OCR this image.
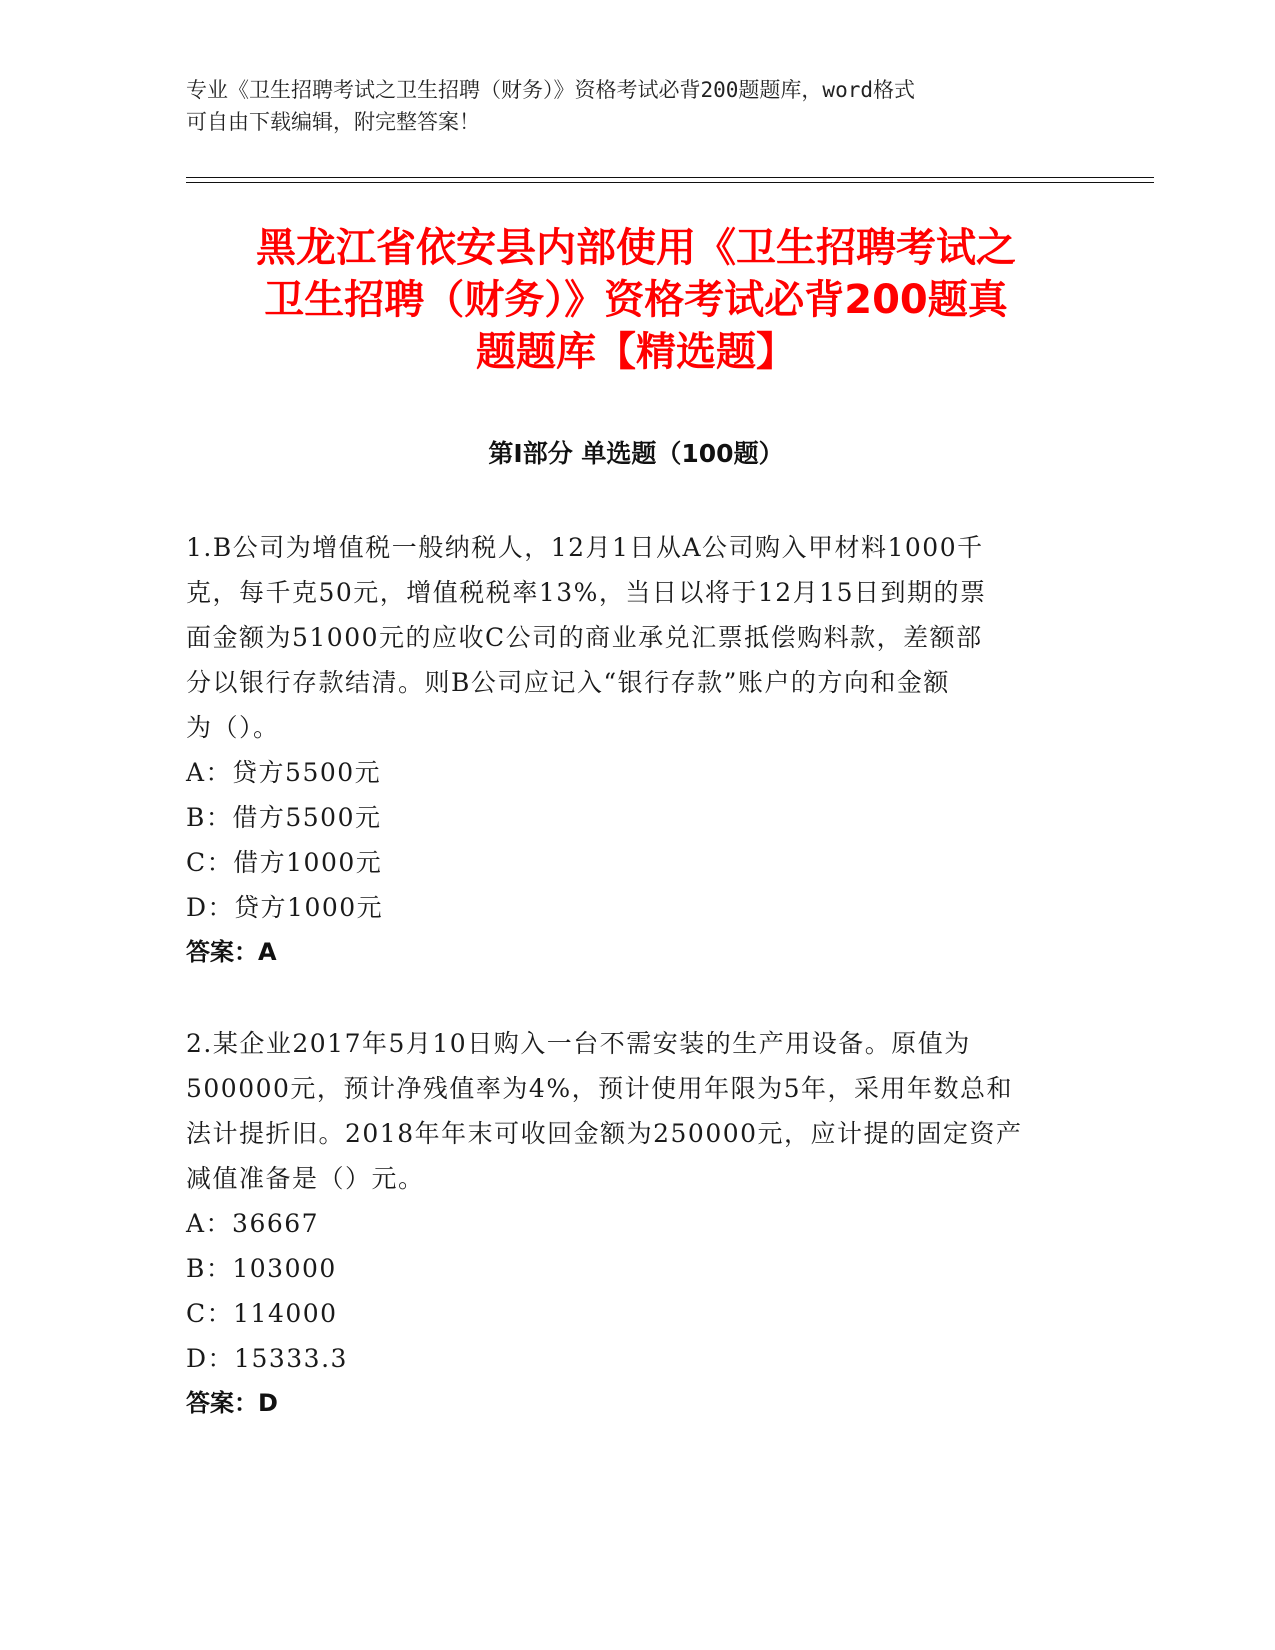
专业《卫生招聘考试之卫生招聘（财务）》资格考试必背200题题库，word格式
可自由下载编辑，附完整答案！
黑龙江省依安县内部使用《卫生招聘考试之
卫生招聘（财务）》资格考试必背200题真
题题库【精选题】
第Ⅰ部分 单选题（100题）
1.B公司为增值税一般纳税人，12月1日从A公司购入甲材料1000千
克，每千克50元，增值税税率13%，当日以将于12月15日到期的票
面金额为51000元的应收C公司的商业承兑汇票抵偿购料款，差额部
分以银行存款结清。则B公司应记入“银行存款”账户的方向和金额
为（）。
A：贷方5500元
B：借方5500元
C：借方1000元
D：贷方1000元
答案：A
2.某企业2017年5月10日购入一台不需安装的生产用设备。原值为
500000元，预计净残值率为4%，预计使用年限为5年，采用年数总和
法计提折旧。2018年年末可收回金额为250000元，应计提的固定资产
减值准备是（）元。
A：36667
B：103000
C：114000
D：15333.3
答案：D
